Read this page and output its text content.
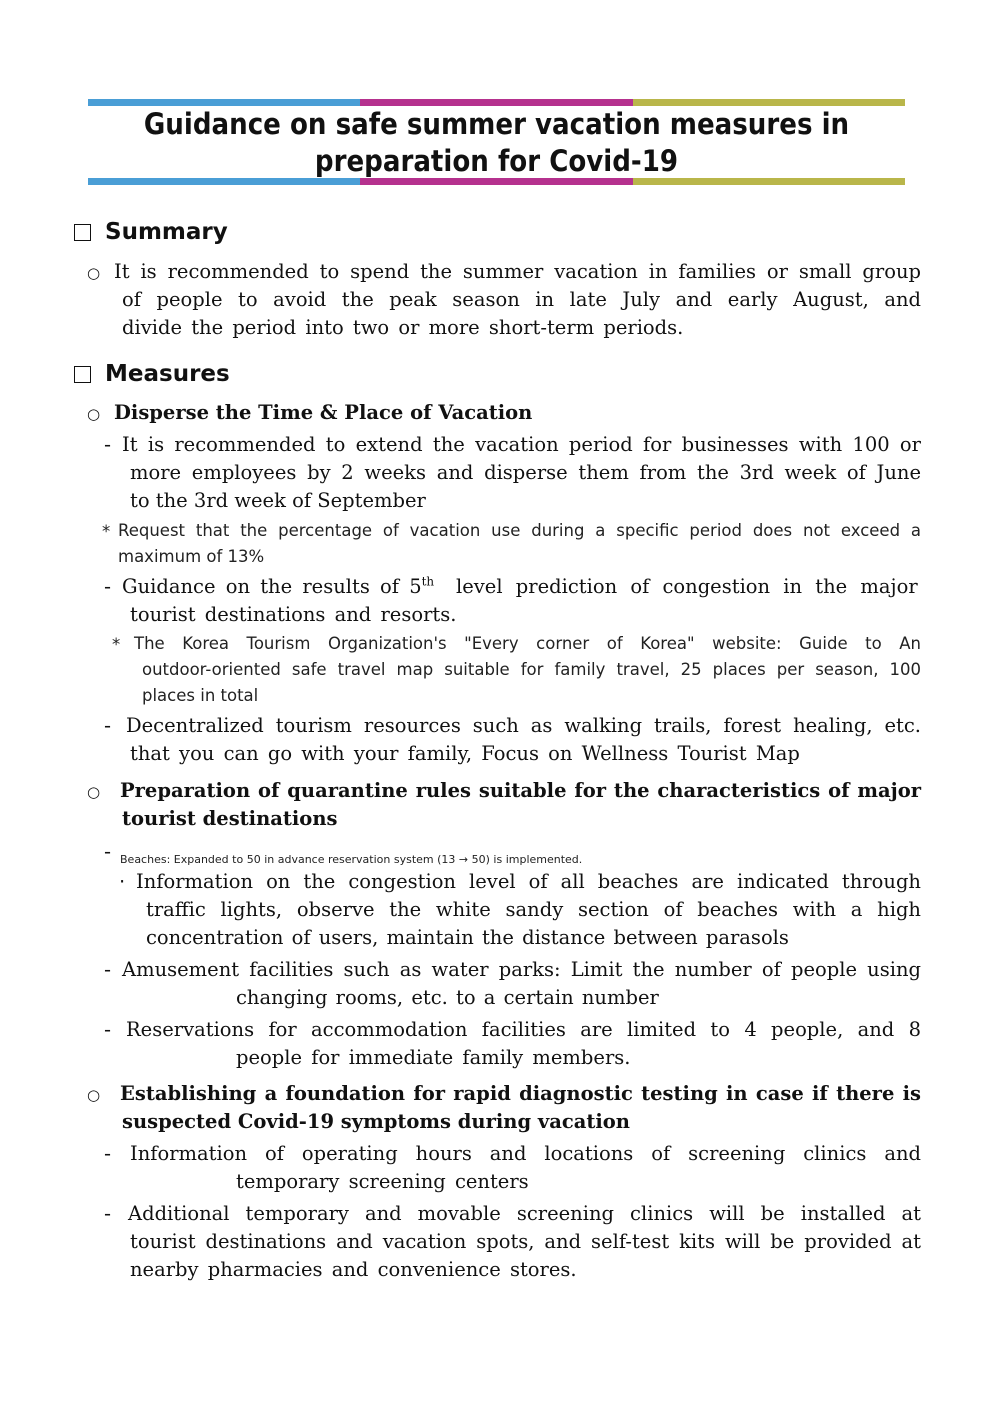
Guidance on safe summer vacation measures in
preparation for Covid-19
Summary
○ It is recommended to spend the summer vacation in families or small group
of people to avoid the peak season in late July and early August, and
divide the period into two or more short-term periods.
Measures
○ Disperse the Time & Place of Vacation
- It is recommended to extend the vacation period for businesses with 100 or
more employees by 2 weeks and disperse them from the 3rd week of June
to the 3rd week of September
* Request that the percentage of vacation use during a specific period does not exceed a
maximum of 13%
- Guidance on the results of 5th level prediction of congestion in the major
tourist destinations and resorts.
* The Korea Tourism Organization's "Every corner of Korea" website: Guide to An
outdoor-oriented safe travel map suitable for family travel, 25 places per season, 100
places in total
- Decentralized tourism resources such as walking trails, forest healing, etc.
that you can go with your family, Focus on Wellness Tourist Map
○ Preparation of quarantine rules suitable for the characteristics of major
tourist destinations
- Beaches: Expanded to 50 in advance reservation system (13 → 50) is implemented.
· Information on the congestion level of all beaches are indicated through
traffic lights, observe the white sandy section of beaches with a high
concentration of users, maintain the distance between parasols
- Amusement facilities such as water parks: Limit the number of people using
changing rooms, etc. to a certain number
- Reservations for accommodation facilities are limited to 4 people, and 8
people for immediate family members.
○ Establishing a foundation for rapid diagnostic testing in case if there is
suspected Covid-19 symptoms during vacation
- Information of operating hours and locations of screening clinics and
temporary screening centers
- Additional temporary and movable screening clinics will be installed at
tourist destinations and vacation spots, and self-test kits will be provided at
nearby pharmacies and convenience stores.
